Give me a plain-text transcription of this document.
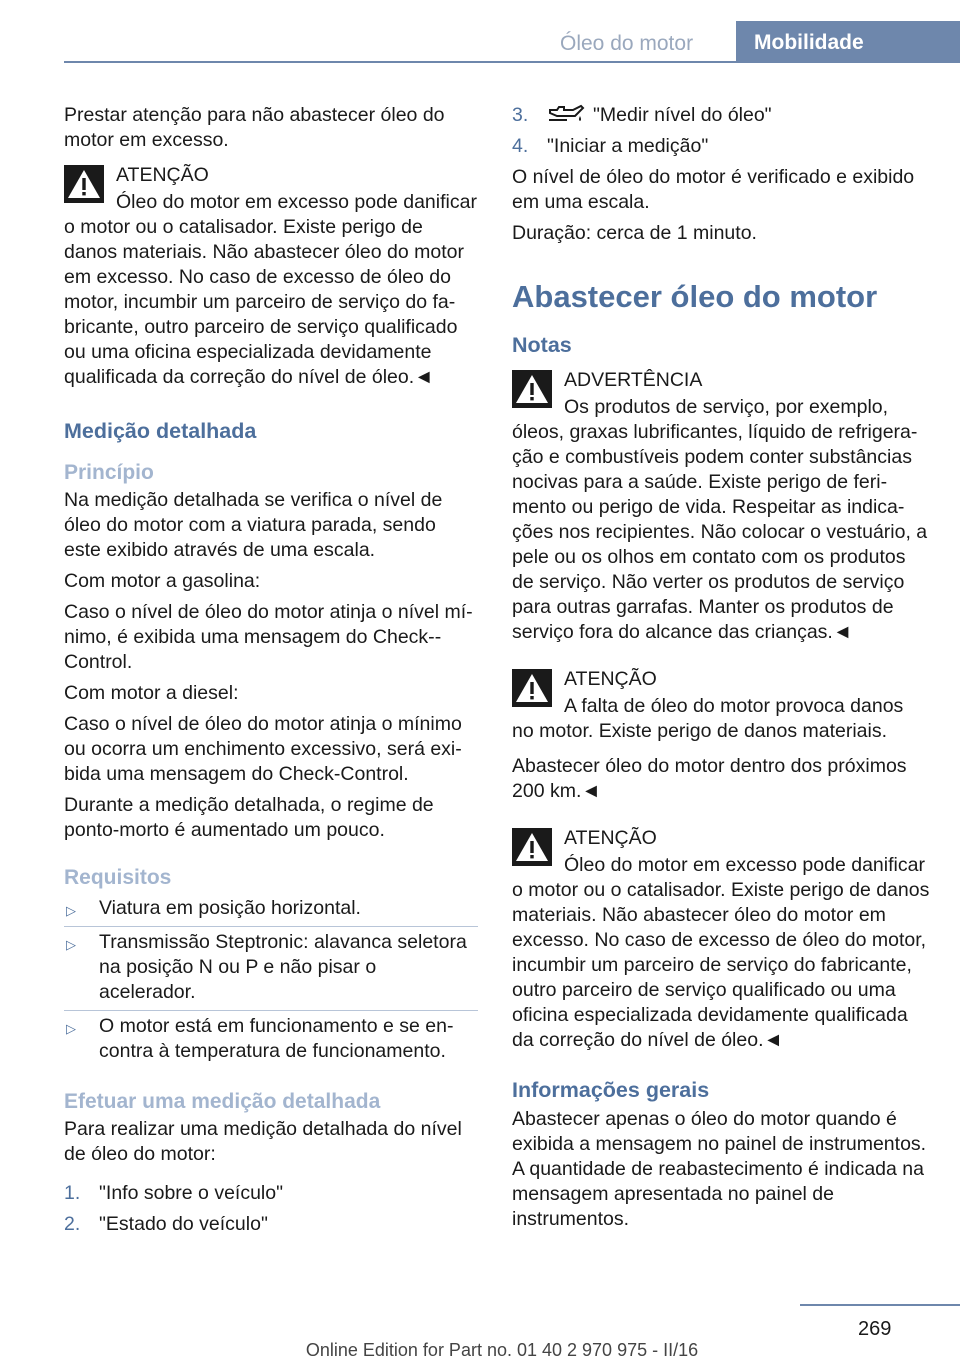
Óleo do motor	Mobilidade

Prestar atenção para não abastecer óleo do motor em excesso.

ATENÇÃO
Óleo do motor em excesso pode danificar o motor ou o catalisador. Existe perigo de danos materiais. Não abastecer óleo do motor em excesso. No caso de excesso de óleo do motor, incumbir um parceiro de serviço do fabricante, outro parceiro de serviço qualificado ou uma oficina especializada devidamente qualificada da correção do nível de óleo.◄
Medição detalhada
Princípio

Na medição detalhada se verifica o nível de óleo do motor com a viatura parada, sendo este exibido através de uma escala.

Com motor a gasolina:

Caso o nível de óleo do motor atinja o nível mínimo, é exibida uma mensagem do Check-Control.

Com motor a diesel:

Caso o nível de óleo do motor atinja o mínimo ou ocorra um enchimento excessivo, será exibida uma mensagem do Check-Control.

Durante a medição detalhada, o regime de ponto-morto é aumentado um pouco.

Requisitos
▷ Viatura em posição horizontal.
▷ Transmissão Steptronic: alavanca seletora na posição N ou P e não pisar o acelerador.
▷ O motor está em funcionamento e se encontra à temperatura de funcionamento.
Efetuar uma medição detalhada

Para realizar uma medição detalhada do nível de óleo do motor:

1. "Info sobre o veículo"
2. "Estado do veículo"
3.	"Medir nível do óleo"
4. "Iniciar a medição"

O nível de óleo do motor é verificado e exibido em uma escala.

Duração: cerca de 1 minuto.

Abastecer óleo do motor
Notas
ADVERTÊNCIA
Os produtos de serviço, por exemplo, óleos, graxas lubrificantes, líquido de refrigeração e combustíveis podem conter substâncias nocivas para a saúde. Existe perigo de ferimento ou perigo de vida. Respeitar as indicações nos recipientes. Não colocar o vestuário, a pele ou os olhos em contato com os produtos de serviço. Não verter os produtos de serviço para outras garrafas. Manter os produtos de serviço fora do alcance das crianças.◄
ATENÇÃO
A falta de óleo do motor provoca danos no motor. Existe perigo de danos materiais.

Abastecer óleo do motor dentro dos próximos 200 km.◄

ATENÇÃO
Óleo do motor em excesso pode danificar o motor ou o catalisador. Existe perigo de danos materiais. Não abastecer óleo do motor em excesso. No caso de excesso de óleo do motor, incumbir um parceiro de serviço do fabricante, outro parceiro de serviço qualificado ou uma oficina especializada devidamente qualificada da correção do nível de óleo.◄
Informações gerais

Abastecer apenas o óleo do motor quando é exibida a mensagem no painel de instrumentos. A quantidade de reabastecimento é indicada na mensagem apresentada no painel de instrumentos.

269
Online Edition for Part no. 01 40 2 970 975 - II/16
